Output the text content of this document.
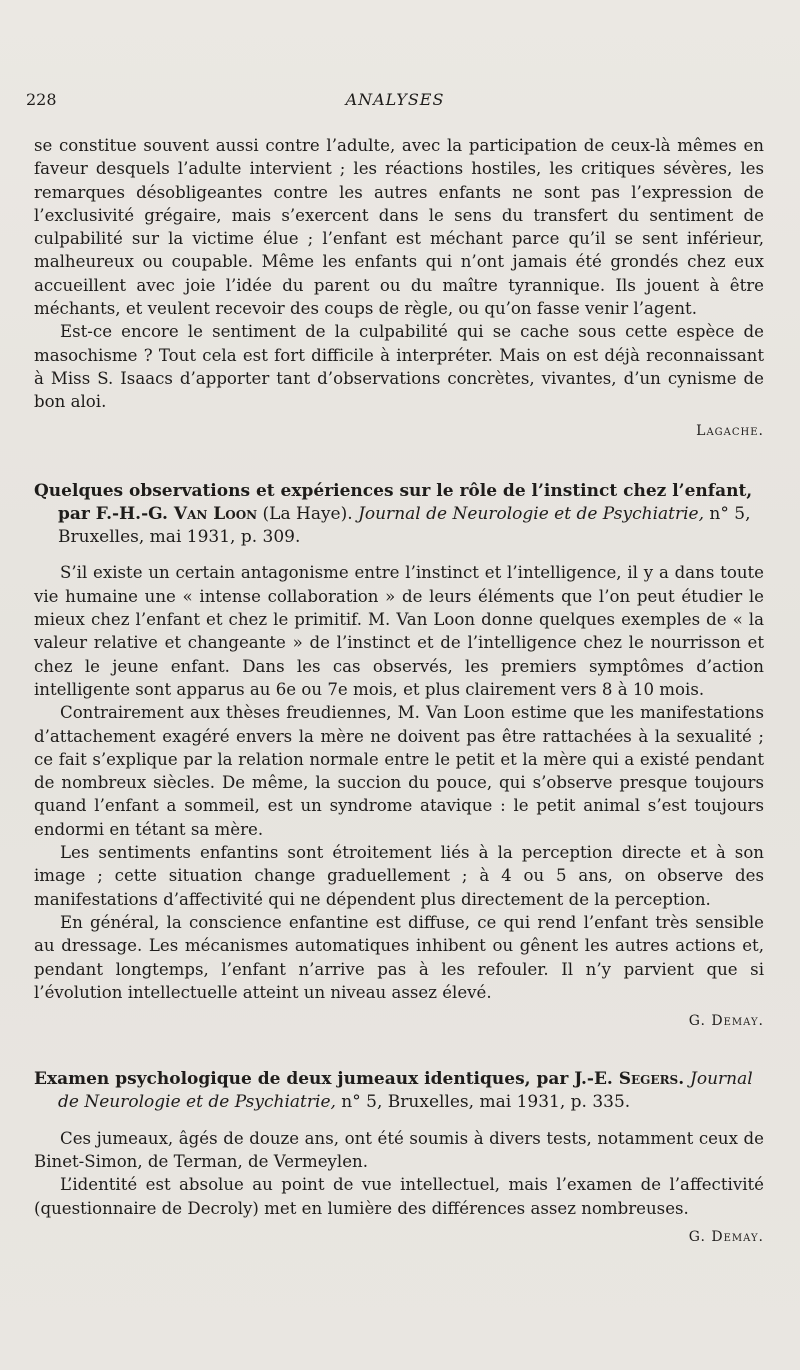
228	ANALYSES

se constitue souvent aussi contre l’adulte, avec la participation de ceux-là mêmes en faveur desquels l’adulte intervient ; les réactions hostiles, les critiques sévères, les remarques désobligeantes contre les autres enfants ne sont pas l’expression de l’exclusivité grégaire, mais s’exercent dans le sens du transfert du sentiment de culpabilité sur la victime élue ; l’enfant est méchant parce qu’il se sent inférieur, malheureux ou coupable. Même les enfants qui n’ont jamais été grondés chez eux accueillent avec joie l’idée du parent ou du maître tyrannique. Ils jouent à être méchants, et veulent recevoir des coups de règle, ou qu’on fasse venir l’agent.

Est-ce encore le sentiment de la culpabilité qui se cache sous cette espèce de masochisme ? Tout cela est fort difficile à interpréter. Mais on est déjà reconnaissant à Miss S. Isaacs d’apporter tant d’observations concrètes, vivantes, d’un cynisme de bon aloi.

Lagache.

Quelques observations et expériences sur le rôle de l’instinct chez l’enfant, par F.-H.-G. Van Loon (La Haye). Journal de Neurologie et de Psychiatrie, n° 5, Bruxelles, mai 1931, p. 309.

S’il existe un certain antagonisme entre l’instinct et l’intelligence, il y a dans toute vie humaine une « intense collaboration » de leurs éléments que l’on peut étudier le mieux chez l’enfant et chez le primitif. M. Van Loon donne quelques exemples de « la valeur relative et changeante » de l’instinct et de l’intelligence chez le nourrisson et chez le jeune enfant. Dans les cas observés, les premiers symptômes d’action intelligente sont apparus au 6e ou 7e mois, et plus clairement vers 8 à 10 mois.

Contrairement aux thèses freudiennes, M. Van Loon estime que les manifestations d’attachement exagéré envers la mère ne doivent pas être rattachées à la sexualité ; ce fait s’explique par la relation normale entre le petit et la mère qui a existé pendant de nombreux siècles. De même, la succion du pouce, qui s’observe presque toujours quand l’enfant a sommeil, est un syndrome atavique : le petit animal s’est toujours endormi en tétant sa mère.

Les sentiments enfantins sont étroitement liés à la perception directe et à son image ; cette situation change graduellement ; à 4 ou 5 ans, on observe des manifestations d’affectivité qui ne dépendent plus directement de la perception.

En général, la conscience enfantine est diffuse, ce qui rend l’enfant très sensible au dressage. Les mécanismes automatiques inhibent ou gênent les autres actions et, pendant longtemps, l’enfant n’arrive pas à les refouler. Il n’y parvient que si l’évolution intellectuelle atteint un niveau assez élevé.

G. Demay.

Examen psychologique de deux jumeaux identiques, par J.-E. Segers. Journal de Neurologie et de Psychiatrie, n° 5, Bruxelles, mai 1931, p. 335.

Ces jumeaux, âgés de douze ans, ont été soumis à divers tests, notamment ceux de Binet-Simon, de Terman, de Vermeylen.

L’identité est absolue au point de vue intellectuel, mais l’examen de l’affectivité (questionnaire de Decroly) met en lumière des différences assez nombreuses.

G. Demay.
